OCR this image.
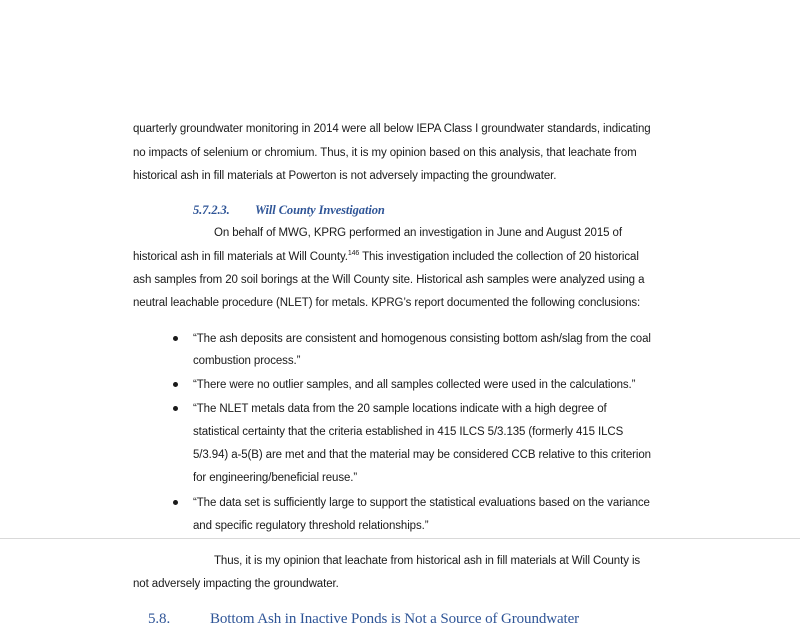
quarterly groundwater monitoring in 2014 were all below IEPA Class I groundwater standards, indicating
no impacts of selenium or chromium. Thus, it is my opinion based on this analysis, that leachate from
historical ash in fill materials at Powerton is not adversely impacting the groundwater.
5.7.2.3. Will County Investigation
On behalf of MWG, KPRG performed an investigation in June and August 2015 of
historical ash in fill materials at Will County.$^{146}$ This investigation included the collection of 20 historical
ash samples from 20 soil borings at the Will County site. Historical ash samples were analyzed using a
neutral leachable procedure (NLET) for metals. KPRG’s report documented the following conclusions:
“The ash deposits are consistent and homogenous consisting bottom ash/slag from the coal
combustion process.”
“There were no outlier samples, and all samples collected were used in the calculations.”
“The NLET metals data from the 20 sample locations indicate with a high degree of
statistical certainty that the criteria established in 415 ILCS 5/3.135 (formerly 415 ILCS
5/3.94) a-5(B) are met and that the material may be considered CCB relative to this criterion
for engineering/beneficial reuse.”
“The data set is sufficiently large to support the statistical evaluations based on the variance
and specific regulatory threshold relationships.”
Thus, it is my opinion that leachate from historical ash in fill materials at Will County is
not adversely impacting the groundwater.
5.8.	Bottom Ash in Inactive Ponds is Not a Source of Groundwater
